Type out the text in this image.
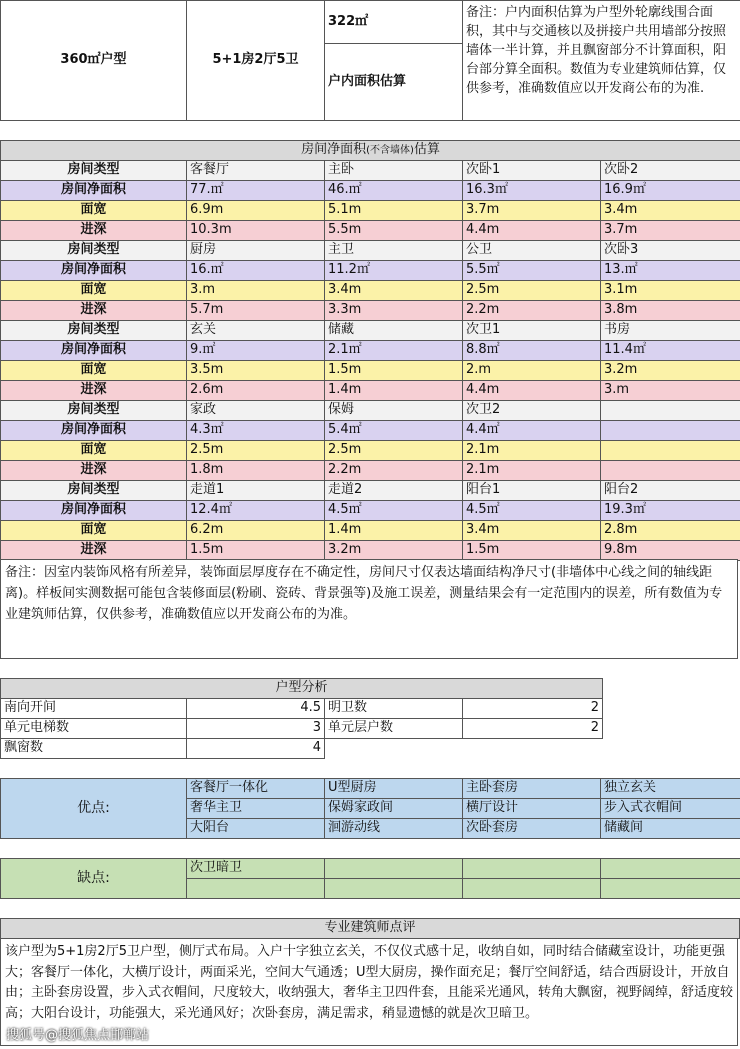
360㎡户型	5+1房2厅5卫	322㎡	备注：户内面积估算为户型外轮廓线围合面积，其中与交通核以及拼接户共用墙部分按照墙体一半计算，并且飘窗部分不计算面积，阳台部分算全面积。数值为专业建筑师估算，仅供参考，准确数值应以开发商公布的为准.
户内面积估算
房间净面积(不含墙体)估算				
房间类型	客餐厅	主卧	次卧1	次卧2
房间净面积	77.㎡	46.㎡	16.3㎡	16.9㎡
面宽	6.9m	5.1m	3.7m	3.4m
进深	10.3m	5.5m	4.4m	3.7m
房间类型	厨房	主卫	公卫	次卧3
房间净面积	16.㎡	11.2㎡	5.5㎡	13.㎡
面宽	3.m	3.4m	2.5m	3.1m
进深	5.7m	3.3m	2.2m	3.8m
房间类型	玄关	储藏	次卫1	书房
房间净面积	9.㎡	2.1㎡	8.8㎡	11.4㎡
面宽	3.5m	1.5m	2.m	3.2m
进深	2.6m	1.4m	4.4m	3.m
房间类型	家政	保姆	次卫2	
房间净面积	4.3㎡	5.4㎡	4.4㎡	
面宽	2.5m	2.5m	2.1m	
进深	1.8m	2.2m	2.1m	
房间类型	走道1	走道2	阳台1	阳台2
房间净面积	12.4㎡	4.5㎡	4.5㎡	19.3㎡
面宽	6.2m	1.4m	3.4m	2.8m
进深	1.5m	3.2m	1.5m	9.8m
备注：因室内装饰风格有所差异，装饰面层厚度存在不确定性，房间尺寸仅表达墙面结构净尺寸(非墙体中心线之间的轴线距离)。样板间实测数据可能包含装修面层(粉刷、瓷砖、背景强等)及施工误差，测量结果会有一定范围内的误差，所有数值为专业建筑师估算，仅供参考，准确数值应以开发商公布的为准。
户型分析			
南向开间	4.5	明卫数	2
单元电梯数	3	单元层户数	2
飘窗数	4		
优点:	客餐厅一体化	U型厨房	主卧套房	独立玄关
	奢华主卫	保姆家政间	横厅设计	步入式衣帽间
	大阳台	洄游动线	次卧套房	储藏间
缺点:	次卫暗卫			

专业建筑师点评
该户型为5+1房2厅5卫户型，侧厅式布局。入户十字独立玄关，不仅仪式感十足，收纳自如，同时结合储藏室设计，功能更强大；客餐厅一体化，大横厅设计，两面采光，空间大气通透；U型大厨房，操作面充足；餐厅空间舒适，结合西厨设计，开放自由；主卧套房设置，步入式衣帽间，尺度较大，收纳强大，奢华主卫四件套，且能采光通风，转角大飘窗，视野阔绰，舒适度较高；大阳台设计，功能强大，采光通风好；次卧套房，满足需求，稍显遗憾的就是次卫暗卫。
搜狐号@搜狐焦点邯郸站
